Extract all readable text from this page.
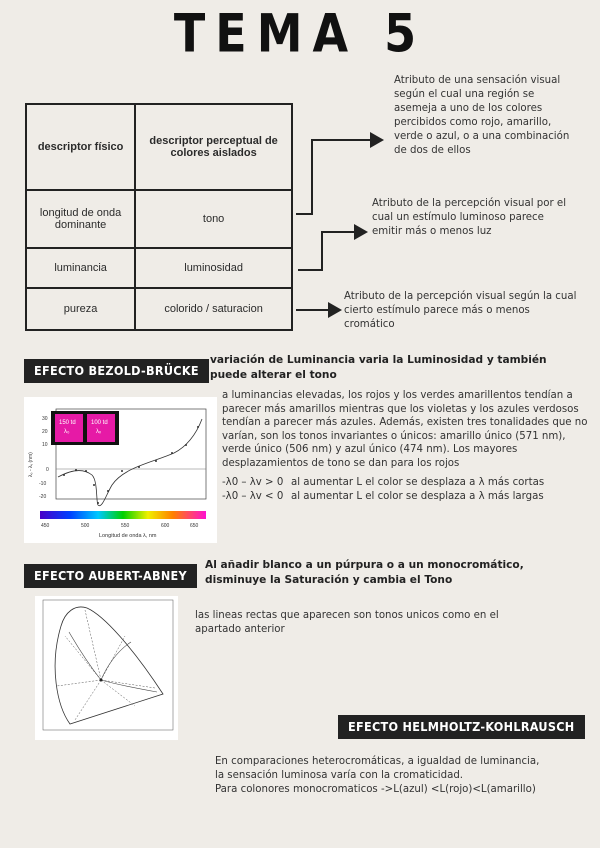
TEMA 5
descriptor físico	descriptor perceptual de colores aislados
longitud de onda dominante	tono
luminancia	luminosidad
pureza	colorido / saturacion
Atributo de una sensación visual según el cual una región se asemeja a uno de los colores percibidos como rojo, amarillo, verde o azul, o a una combinación de dos de ellos
Atributo de la percepción visual por el cual un estímulo luminoso parece emitir más o menos luz
Atributo de la percepción visual según la cual cierto estímulo parece más o menos cromático
EFECTO BEZOLD-BRÜCKE
variación de Luminancia varia la Luminosidad y también puede alterar el tono
150 td
λ₀
100 td
λᵥ
30
20
10
0
-10
-20
λ₀ - λᵥ (nm)
450	500	550	600	650
Longitud de onda λ, nm
a luminancias elevadas, los rojos y los verdes amarillentos tendían a parecer más amarillos mientras que los violetas y los azules verdosos tendían a parecer más azules. Además, existen tres tonalidades que no varían, son los tonos invariantes o únicos: amarillo único (571 nm), verde único (506 nm) y azul único (474 nm). Los mayores desplazamientos de tono se dan para los rojos
-λ0 – λv > 0 al aumentar L el color se desplaza a λ más cortas
-λ0 – λv < 0 al aumentar L el color se desplaza a λ más largas
EFECTO AUBERT-ABNEY
Al añadir blanco a un púrpura o a un monocromático, disminuye la Saturación y cambia el Tono
las lineas rectas que aparecen son tonos unicos como en el apartado anterior
EFECTO HELMHOLTZ-KOHLRAUSCH
En comparaciones heterocromáticas, a igualdad de luminancia,
la sensación luminosa varía con la cromaticidad.
Para colonores monocromaticos ->L(azul) <L(rojo)<L(amarillo)
